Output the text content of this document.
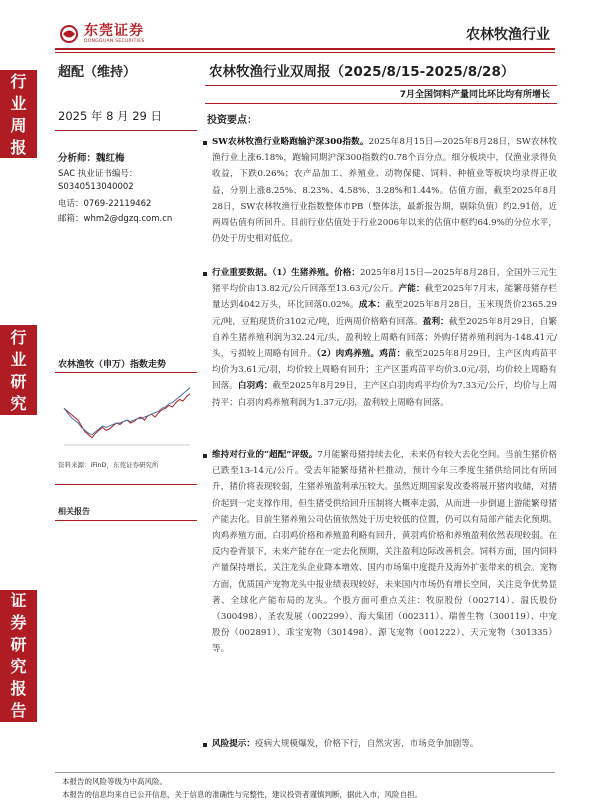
东莞证券
DONGGUAN SECURITIES	农林牧渔行业
行
业
周
报
行
业
研
究
证
券
研
究
报
告
超配（维持）	农林牧渔行业双周报（2025/8/15-2025/8/28）
7月全国饲料产量同比环比均有所增长
2025 年 8 月 29 日
分析师：魏红梅
SAC 执业证书编号：
S0340513040002
电话：0769-22119462
邮箱：whm2@dgzq.com.cn
农林渔牧（申万）指数走势
资料来源：iFinD，东莞证券研究所
相关报告
投资要点：
SW农林牧渔行业略跑输沪深300指数。2025年8月15日—2025年8月28日，SW农林牧渔行业上涨6.18%，跑输同期沪深300指数约0.78个百分点。细分板块中，仅渔业录得负收益，下跌0.26%；农产品加工、养殖业、动物保健、饲料、种植业等板块均录得正收益，分别上涨8.25%、8.23%、4.58%、3.28%和1.44%。估值方面，截至2025年8月28日，SW农林牧渔行业指数整体市PB（整体法，最新报告期，剔除负值）约2.91倍，近两周估值有所回升。目前行业估值处于行业2006年以来的估值中枢约64.9%的分位水平，仍处于历史相对低位。
行业重要数据。（1）生猪养殖。价格：2025年8月15日—2025年8月28日，全国外三元生猪平均价由13.82元/公斤回落至13.63元/公斤。产能：截至2025年7月末，能繁母猪存栏量达到4042万头，环比回落0.02%。成本：截至2025年8月28日，玉米现货价2365.29元/吨，豆粕现货价3102元/吨，近两周价格略有回落。盈利：截至2025年8月29日，自繁自养生猪养殖利润为32.24元/头，盈利较上周略有回落；外购仔猪养殖利润为-148.41元/头，亏损较上周略有回升。（2）肉鸡养殖。鸡苗：截至2025年8月29日，主产区肉鸡苗平均价为3.61元/羽，均价较上周略有回升；主产区蛋鸡苗平均价3.0元/羽，均价较上周略有回落。白羽鸡：截至2025年8月29日，主产区白羽肉鸡平均价为7.33元/公斤，均价与上周持平；白羽肉鸡养殖利润为1.37元/羽，盈利较上周略有回落。
维持对行业的“超配”评级。7月能繁母猪持续去化，未来仍有较大去化空间。当前生猪价格已跌至13-14元/公斤。受去年能繁母猪补栏推动，预计今年三季度生猪供给同比有所回升，猪价将表现较弱，生猪养殖盈利承压较大。虽然近期国家发改委将展开猪肉收储，对猪价起到一定支撑作用，但生猪受供给回升压制将大概率走弱，从而进一步倒逼上游能繁母猪产能去化。目前生猪养殖公司估值依然处于历史较低的位置，仍可以有局部产能去化预期。肉鸡养殖方面，白羽鸡价格和养殖盈利略有回升，黄羽鸡价格和养殖盈利依然表现较弱。在反内卷背景下，未来产能存在一定去化预期，关注盈利边际改善机会。饲料方面，国内饲料产量保持增长，关注龙头企业降本增效、国内市场集中度提升及海外扩张带来的机会。宠物方面，优质国产宠物龙头中报业绩表现较好，未来国内市场仍有增长空间，关注竞争优势显著、全球化产能布局的龙头。个股方面可重点关注：牧原股份（002714）、温氏股份（300498）、圣农发展（002299）、海大集团（002311）、瑞普生物（300119）、中宠股份（002891）、乖宝宠物（301498）、源飞宠物（001222）、天元宠物（301335）等。
风险提示：疫病大规模爆发，价格下行，自然灾害，市场竞争加剧等。
本报告的风险等级为中高风险。
本报告的信息均来自已公开信息，关于信息的准确性与完整性，建议投资者谨慎判断，据此入市，风险自担。
